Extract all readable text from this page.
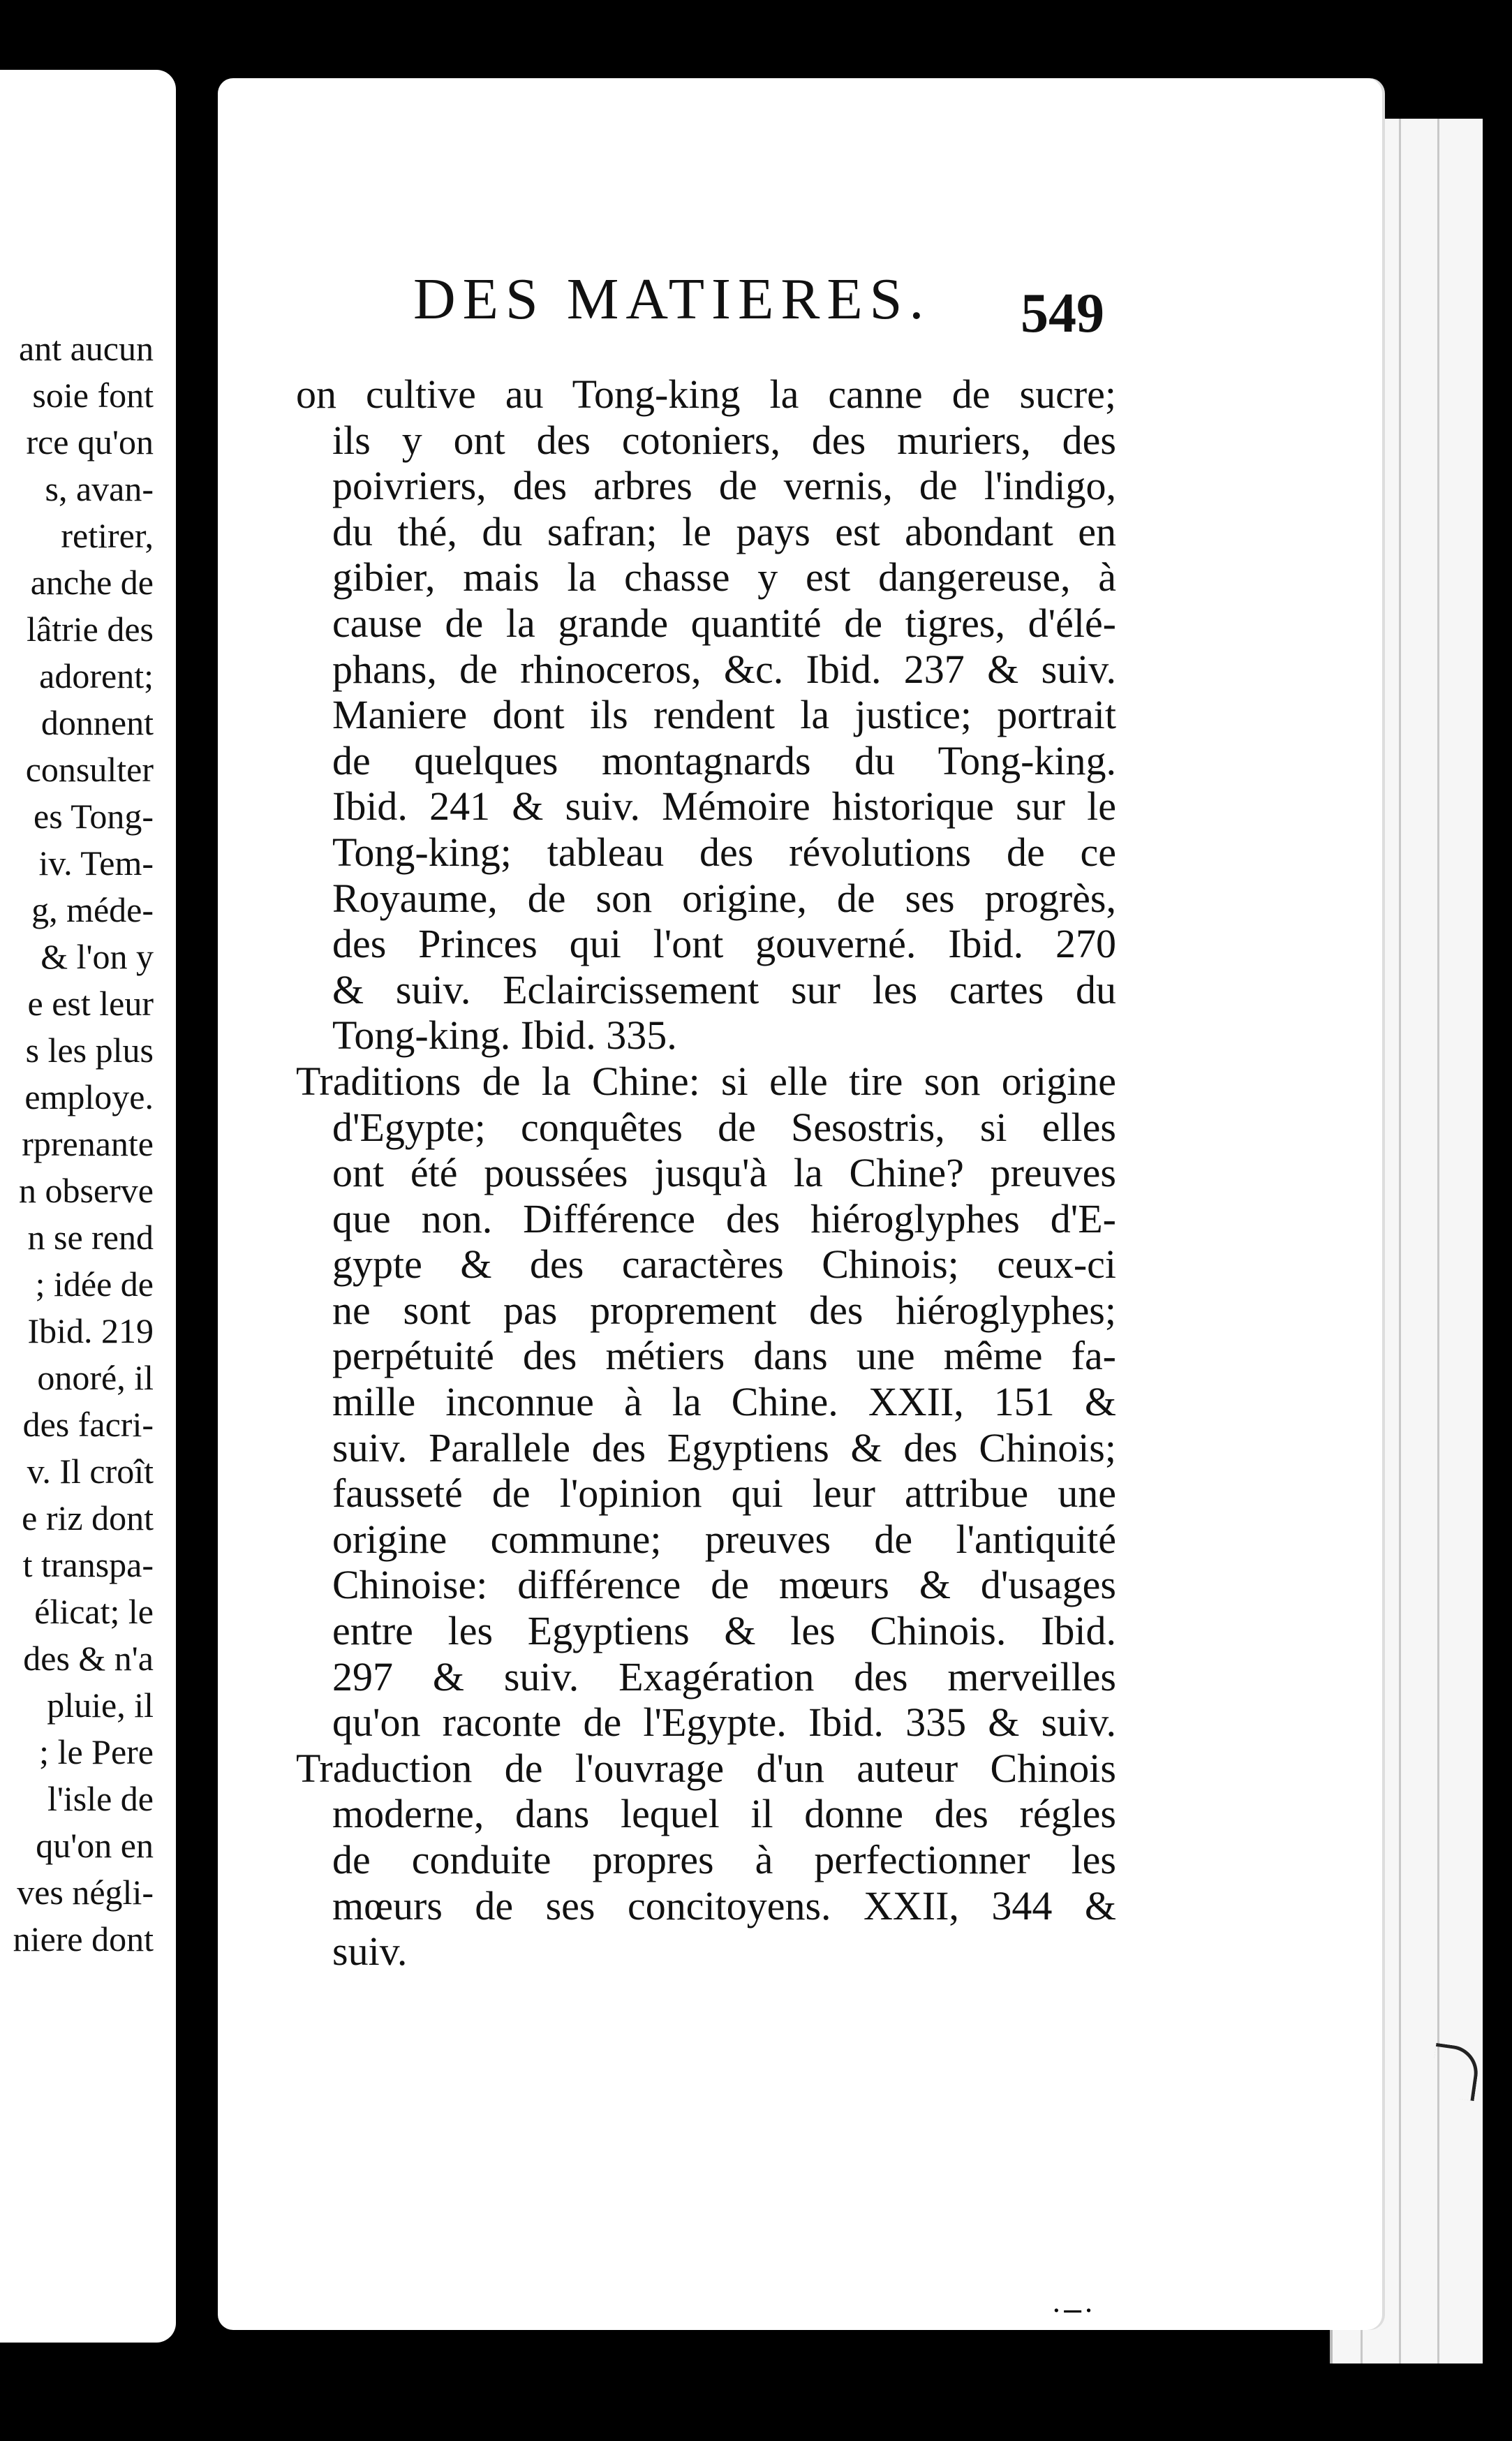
ant aucun
soie font
rce qu'on
s, avan-
retirer,
anche de
lâtrie des
adorent;
donnent
consulter
es Tong-
iv. Tem-
g, méde-
& l'on y
e est leur
s les plus
employe.
rprenante
n observe
n se rend
; idée de
Ibid. 219
onoré, il
des facri-
v. Il croît
e riz dont
t transpa-
élicat; le
des & n'a
pluie, il
; le Pere
l'isle de
qu'on en
ves négli-
niere dont
DES MATIERES. 549
on cultive au Tong-king la canne de sucre;
ils y ont des cotoniers, des muriers, des
poivriers, des arbres de vernis, de l'indigo,
du thé, du safran; le pays est abondant en
gibier, mais la chasse y est dangereuse, à
cause de la grande quantité de tigres, d'élé-
phans, de rhinoceros, &c. Ibid. 237 & suiv.
Maniere dont ils rendent la justice; portrait
de quelques montagnards du Tong-king.
Ibid. 241 & suiv. Mémoire historique sur le
Tong-king; tableau des révolutions de ce
Royaume, de son origine, de ses progrès,
des Princes qui l'ont gouverné. Ibid. 270
& suiv. Eclaircissement sur les cartes du
Tong-king. Ibid. 335.
Traditions de la Chine: si elle tire son origine
d'Egypte; conquêtes de Sesostris, si elles
ont été poussées jusqu'à la Chine? preuves
que non. Différence des hiéroglyphes d'E-
gypte & des caractères Chinois; ceux-ci
ne sont pas proprement des hiéroglyphes;
perpétuité des métiers dans une même fa-
mille inconnue à la Chine. XXII, 151 &
suiv. Parallele des Egyptiens & des Chinois;
fausseté de l'opinion qui leur attribue une
origine commune; preuves de l'antiquité
Chinoise: différence de mœurs & d'usages
entre les Egyptiens & les Chinois. Ibid.
297 & suiv. Exagération des merveilles
qu'on raconte de l'Egypte. Ibid. 335 & suiv.
Traduction de l'ouvrage d'un auteur Chinois
moderne, dans lequel il donne des régles
de conduite propres à perfectionner les
mœurs de ses concitoyens. XXII, 344 &
suiv.
·−·
